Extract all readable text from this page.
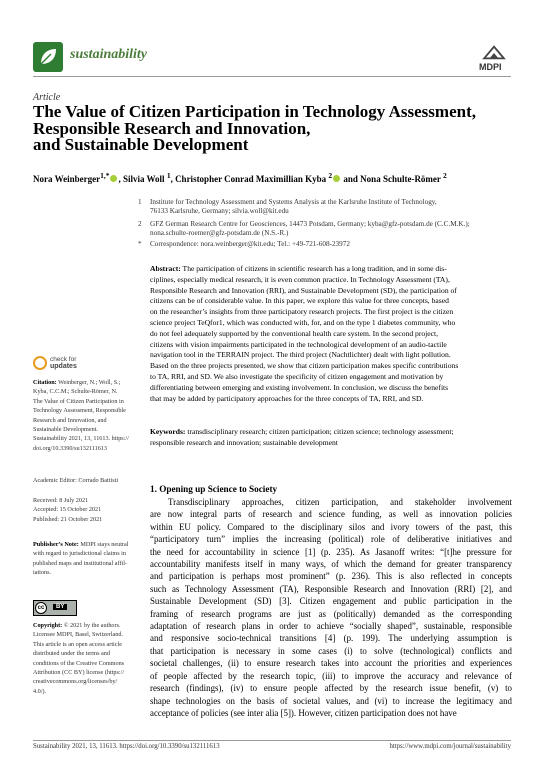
sustainability
MDPI
Article
The Value of Citizen Participation in Technology Assessment,
Responsible Research and Innovation,
and Sustainable Development
Nora Weinberger$^{1,*}$ , Silvia Woll $^1$, Christopher Conrad Maximillian Kyba $^2$ and Nona Schulte-Römer $^2$
1 Institute for Technology Assessment and Systems Analysis at the Karlsruhe Institute of Technology,
76133 Karlsruhe, Germany; silvia.woll@kit.edu
2 GFZ German Research Centre for Geosciences, 14473 Potsdam, Germany; kyba@gfz-potsdam.de (C.C.M.K.);
nona.schulte-roemer@gfz-potsdam.de (N.S.-R.)
* Correspondence: nora.weinberger@kit.edu; Tel.: +49-721-608-23972
Abstract: The participation of citizens in scientific research has a long tradition, and in some dis-
ciplines, especially medical research, it is even common practice. In Technology Assessment (TA),
Responsible Research and Innovation (RRI), and Sustainable Development (SD), the participation of
citizens can be of considerable value. In this paper, we explore this value for three concepts, based
on the researcher’s insights from three participatory research projects. The first project is the citizen
science project TeQfor1, which was conducted with, for, and on the type 1 diabetes community, who
do not feel adequately supported by the conventional health care system. In the second project,
citizens with vision impairments participated in the technological development of an audio-tactile
navigation tool in the TERRAIN project. The third project (Nachtlichter) dealt with light pollution.
Based on the three projects presented, we show that citizen participation makes specific contributions
to TA, RRI, and SD. We also investigate the specificity of citizen engagement and motivation by
differentiating between emerging and existing involvement. In conclusion, we discuss the benefits
that may be added by participatory approaches for the three concepts of TA, RRI, and SD.
Keywords: transdisciplinary research; citizen participation; citizen science; technology assessment;
responsible research and innovation; sustainable development
check for
updates
Citation: Weinberger, N.; Woll, S.;
Kyba, C.C.M.; Schulte-Römer, N.
The Value of Citizen Participation in
Technology Assessment, Responsible
Research and Innovation, and
Sustainable Development.
Sustainability 2021, 13, 11613. https://
doi.org/10.3390/su132111613
Academic Editor: Corrado Battisti
Received: 8 July 2021
Accepted: 15 October 2021
Published: 21 October 2021
Publisher’s Note: MDPI stays neutral
with regard to jurisdictional claims in
published maps and institutional affil-
iations.
cc	BY
Copyright: © 2021 by the authors.
Licensee MDPI, Basel, Switzerland.
This article is an open access article
distributed under the terms and
conditions of the Creative Commons
Attribution (CC BY) license (https://
creativecommons.org/licenses/by/
4.0/).
1. Opening up Science to Society
Transdisciplinary approaches, citizen participation, and stakeholder involvement
are now integral parts of research and science funding, as well as innovation policies
within EU policy. Compared to the disciplinary silos and ivory towers of the past, this
“participatory turn” implies the increasing (political) role of deliberative initiatives and
the need for accountability in science [1] (p. 235). As Jasanoff writes: “[t]he pressure for
accountability manifests itself in many ways, of which the demand for greater transparency
and participation is perhaps most prominent” (p. 236). This is also reflected in concepts
such as Technology Assessment (TA), Responsible Research and Innovation (RRI) [2], and
Sustainable Development (SD) [3]. Citizen engagement and public participation in the
framing of research programs are just as (politically) demanded as the corresponding
adaptation of research plans in order to achieve “socially shaped”, sustainable, responsible
and responsive socio-technical transitions [4] (p. 199). The underlying assumption is
that participation is necessary in some cases (i) to solve (technological) conflicts and
societal challenges, (ii) to ensure research takes into account the priorities and experiences
of people affected by the research topic, (iii) to improve the accuracy and relevance of
research (findings), (iv) to ensure people affected by the research issue benefit, (v) to
shape technologies on the basis of societal values, and (vi) to increase the legitimacy and
acceptance of policies (see inter alia [5]). However, citizen participation does not have
Sustainability 2021, 13, 11613. https://doi.org/10.3390/su132111613	https://www.mdpi.com/journal/sustainability
